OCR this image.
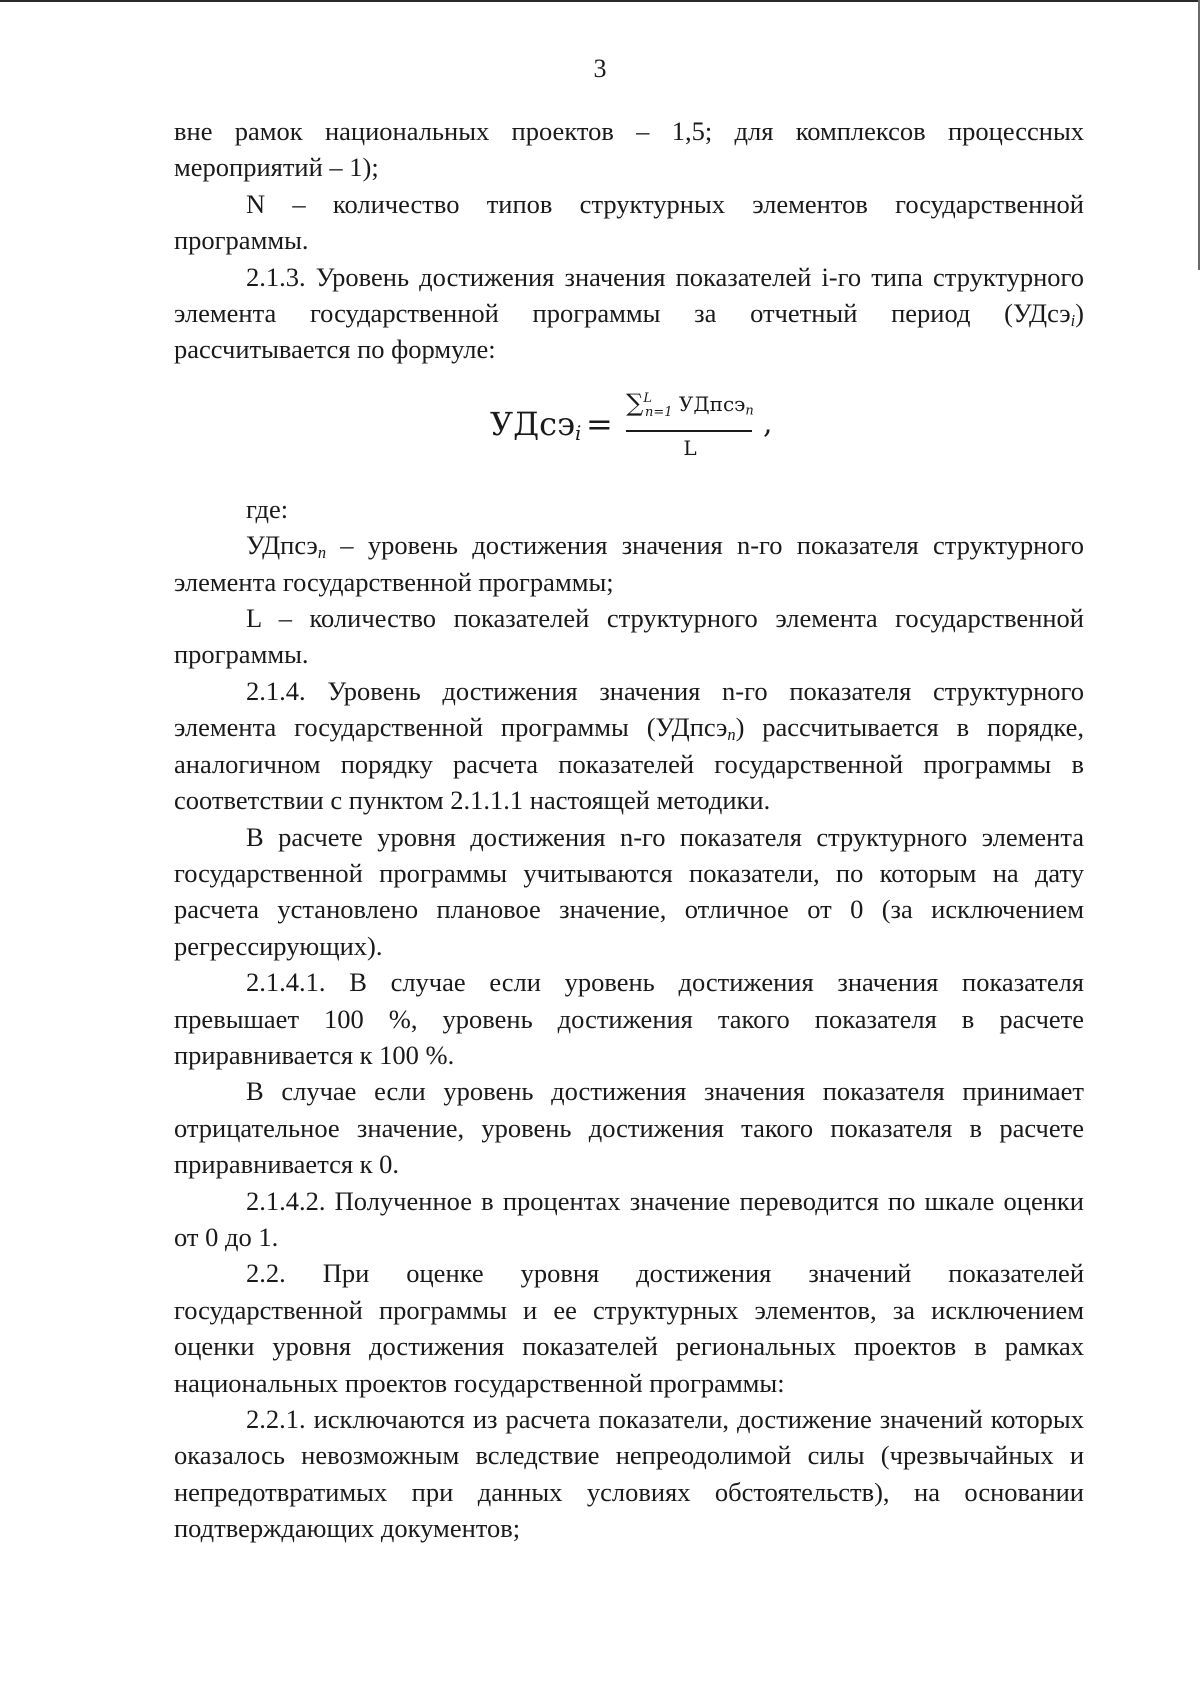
3

вне рамок национальных проектов – 1,5; для комплексов процессных мероприятий – 1);

N – количество типов структурных элементов государственной программы.

2.1.3. Уровень достижения значения показателей i-го типа структурного элемента государственной программы за отчетный период (УДсэ$_i$) рассчитывается по формуле:

УДсэ$_i$ =
∑$^L_{n=1}$ УДпсэ$_n$
L
,

где:

УДпсэ$_n$ – уровень достижения значения n-го показателя структурного элемента государственной программы;

L – количество показателей структурного элемента государственной программы.

2.1.4. Уровень достижения значения n-го показателя структурного элемента государственной программы (УДпсэ$_n$) рассчитывается в порядке, аналогичном порядку расчета показателей государственной программы в соответствии с пунктом 2.1.1.1 настоящей методики.

В расчете уровня достижения n-го показателя структурного элемента государственной программы учитываются показатели, по которым на дату расчета установлено плановое значение, отличное от 0 (за исключением регрессирующих).

2.1.4.1. В случае если уровень достижения значения показателя превышает 100 %, уровень достижения такого показателя в расчете приравнивается к 100 %.

В случае если уровень достижения значения показателя принимает отрицательное значение, уровень достижения такого показателя в расчете приравнивается к 0.

2.1.4.2. Полученное в процентах значение переводится по шкале оценки от 0 до 1.

2.2. При оценке уровня достижения значений показателей государственной программы и ее структурных элементов, за исключением оценки уровня достижения показателей региональных проектов в рамках национальных проектов государственной программы:

2.2.1. исключаются из расчета показатели, достижение значений которых оказалось невозможным вследствие непреодолимой силы (чрезвычайных и непредотвратимых при данных условиях обстоятельств), на основании подтверждающих документов;
